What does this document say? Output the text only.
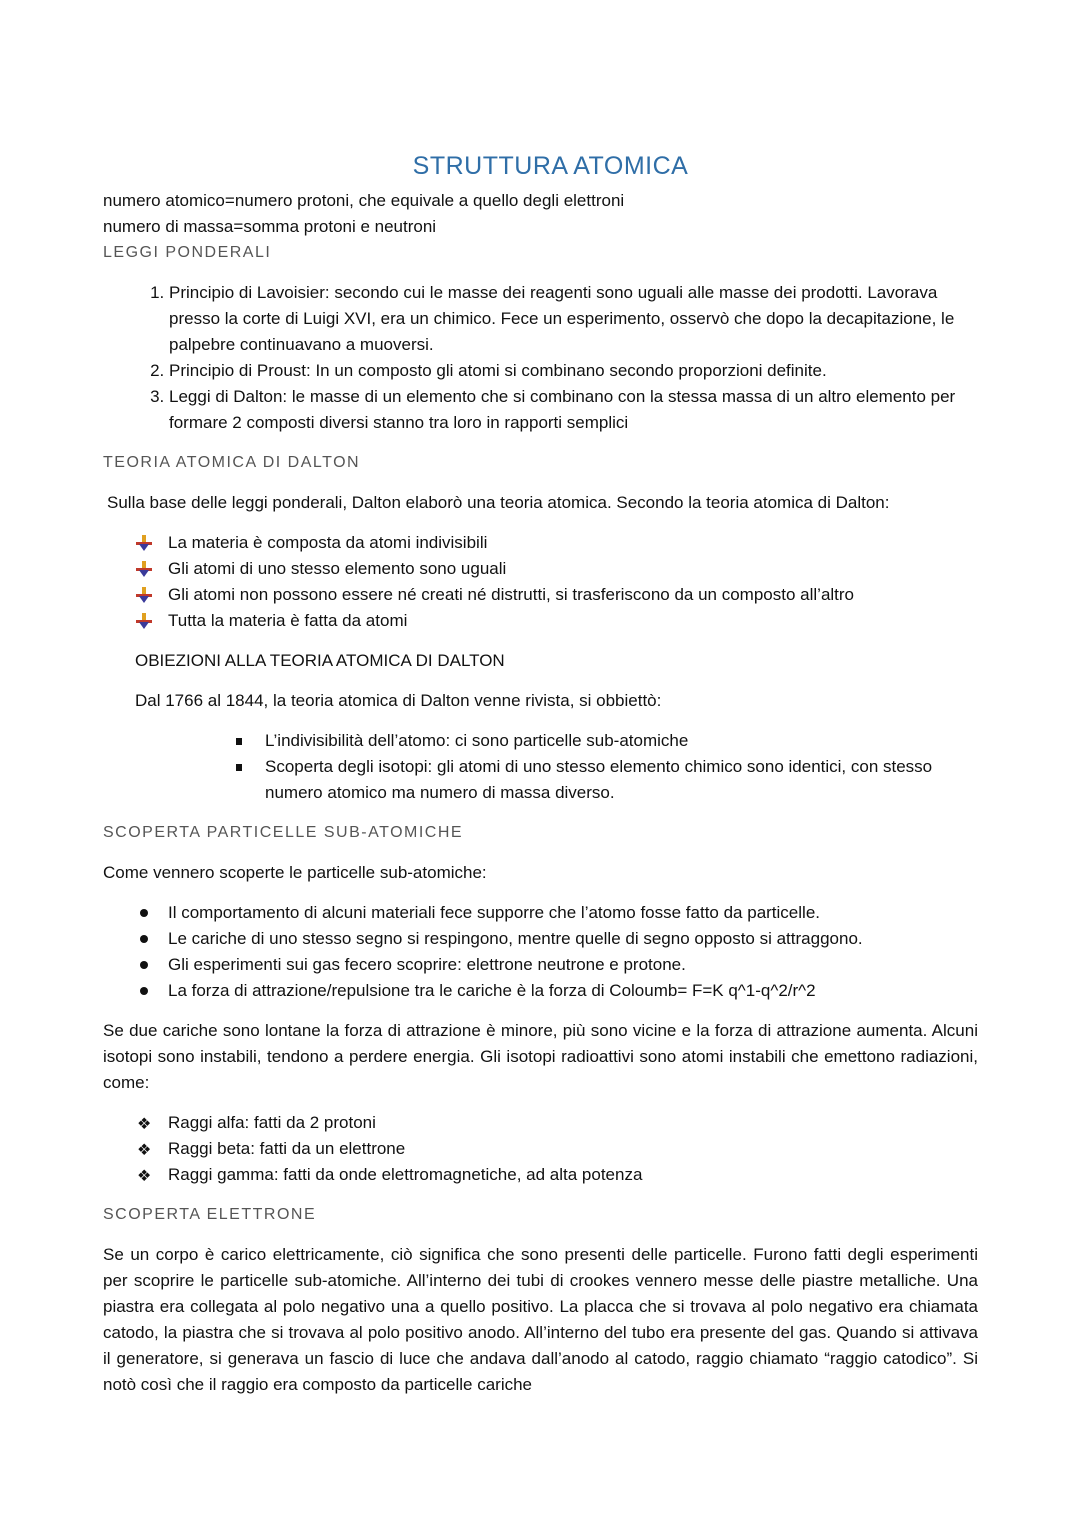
STRUTTURA ATOMICA
numero atomico=numero protoni, che equivale a quello degli elettroni
numero di massa=somma protoni e neutroni
LEGGI PONDERALI
1. Principio di Lavoisier: secondo cui le masse dei reagenti sono uguali alle masse dei prodotti. Lavorava presso la corte di Luigi XVI, era un chimico. Fece un esperimento, osservò che dopo la decapitazione, le palpebre continuavano a muoversi.
2. Principio di Proust: In un composto gli atomi si combinano secondo proporzioni definite.
3. Leggi di Dalton: le masse di un elemento che si combinano con la stessa massa di un altro elemento per formare 2 composti diversi stanno tra loro in rapporti semplici
TEORIA ATOMICA DI DALTON

Sulla base delle leggi ponderali, Dalton elaborò una teoria atomica. Secondo la teoria atomica di Dalton:

La materia è composta da atomi indivisibili
Gli atomi di uno stesso elemento sono uguali
Gli atomi non possono essere né creati né distrutti, si trasferiscono da un composto all’altro
Tutta la materia è fatta da atomi

OBIEZIONI ALLA TEORIA ATOMICA DI DALTON

Dal 1766 al 1844, la teoria atomica di Dalton venne rivista, si obbiettò:

L’indivisibilità dell’atomo: ci sono particelle sub-atomiche
Scoperta degli isotopi: gli atomi di uno stesso elemento chimico sono identici, con stesso numero atomico ma numero di massa diverso.
SCOPERTA PARTICELLE SUB-ATOMICHE

Come vennero scoperte le particelle sub-atomiche:

Il comportamento di alcuni materiali fece supporre che l’atomo fosse fatto da particelle.
Le cariche di uno stesso segno si respingono, mentre quelle di segno opposto si attraggono.
Gli esperimenti sui gas fecero scoprire: elettrone neutrone e protone.
La forza di attrazione/repulsione tra le cariche è la forza di Coloumb= F=K q^1-q^2/r^2

Se due cariche sono lontane la forza di attrazione è minore, più sono vicine e la forza di attrazione aumenta. Alcuni isotopi sono instabili, tendono a perdere energia. Gli isotopi radioattivi sono atomi instabili che emettono radiazioni, come:

❖ Raggi alfa: fatti da 2 protoni
❖ Raggi beta: fatti da un elettrone
❖ Raggi gamma: fatti da onde elettromagnetiche, ad alta potenza
SCOPERTA ELETTRONE

Se un corpo è carico elettricamente, ciò significa che sono presenti delle particelle. Furono fatti degli esperimenti per scoprire le particelle sub-atomiche. All’interno dei tubi di crookes vennero messe delle piastre metalliche. Una piastra era collegata al polo negativo una a quello positivo. La placca che si trovava al polo negativo era chiamata catodo, la piastra che si trovava al polo positivo anodo. All’interno del tubo era presente del gas. Quando si attivava il generatore, si generava un fascio di luce che andava dall’anodo al catodo, raggio chiamato “raggio catodico”. Si notò così che il raggio era composto da particelle cariche
